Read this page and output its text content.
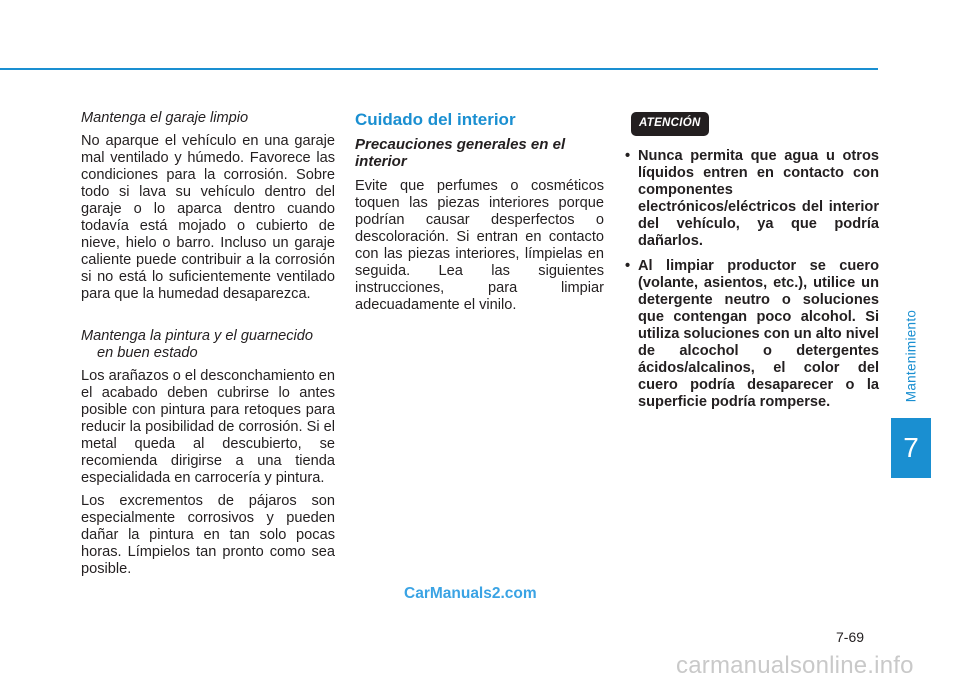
Mantenga el garaje limpio

No aparque el vehículo en una garaje mal ventilado y húmedo. Favorece las condiciones para la corrosión. Sobre todo si lava su vehículo dentro del garaje o lo aparca dentro cuando todavía está mojado o cubierto de nieve, hielo o barro. Incluso un garaje caliente puede contribuir a la corrosión si no está lo suficientemente ventilado para que la humedad desaparezca.

Mantenga la pintura y el guarnecido
en buen estado

Los arañazos o el desconchamiento en el acabado deben cubrirse lo antes posible con pintura para retoques para reducir la posibilidad de corrosión. Si el metal queda al descubierto, se recomienda dirigirse a una tienda especialidada en carrocería y pintura.

Los excrementos de pájaros son especialmente corrosivos y pueden dañar la pintura en tan solo pocas horas. Límpielos tan pronto como sea posible.

Cuidado del interior
Precauciones generales en el interior

Evite que perfumes o cosméticos toquen las piezas interiores porque podrían causar desperfectos o descoloración. Si entran en contacto con las piezas interiores, límpielas en seguida. Lea las siguientes instrucciones, para limpiar adecuadamente el vinilo.

ATENCIÓN
• Nunca permita que agua u otros líquidos entren en contacto con componentes electrónicos/eléctricos del interior del vehículo, ya que podría dañarlos.
• Al limpiar productor se cuero (volante, asientos, etc.), utilice un detergente neutro o soluciones que contengan poco alcohol. Si utiliza soluciones con un alto nivel de alcochol o detergentes ácidos/alcalinos, el color del cuero podría desaparecer o la superficie podría romperse.	Mantenimiento
7
7-69
CarManuals2.com
carmanualsonline.info
